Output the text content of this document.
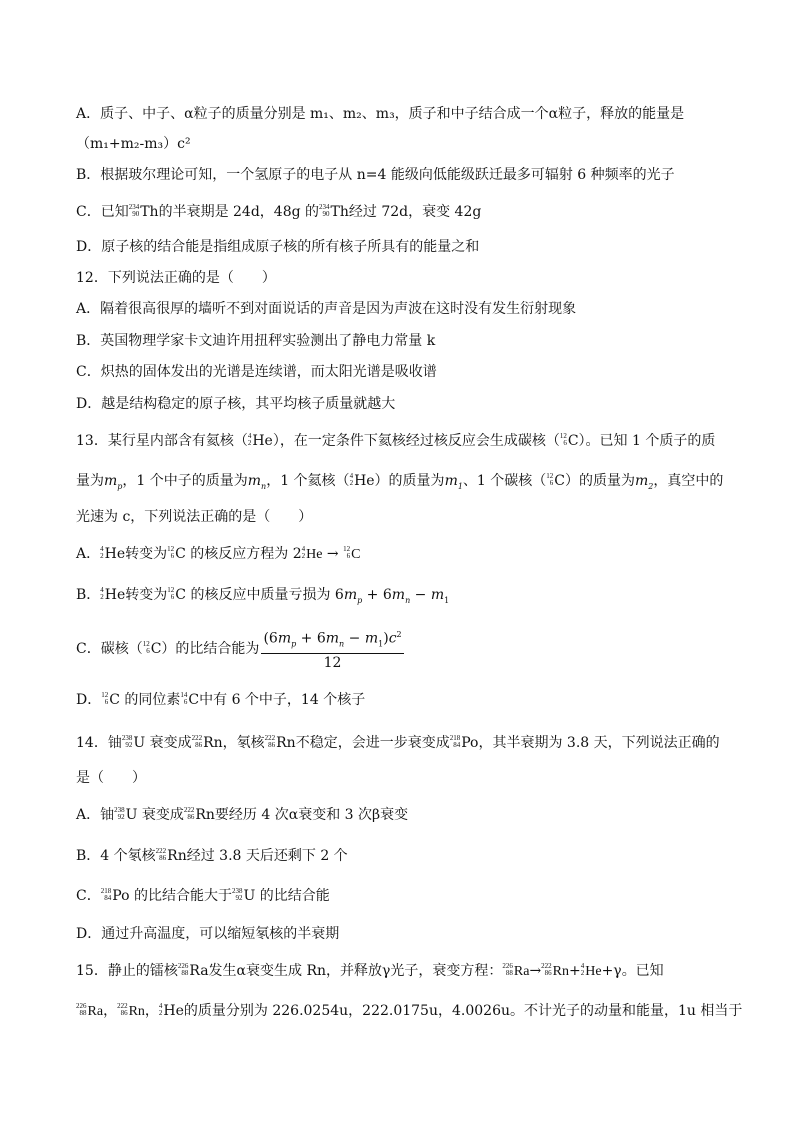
A．质子、中子、α粒子的质量分别是 m₁、m₂、m₃，质子和中子结合成一个α粒子，释放的能量是
（m₁+m₂-m₃）c²
B．根据玻尔理论可知，一个氢原子的电子从 n=4 能级向低能级跃迁最多可辐射 6 种频率的光子
C．已知 234
90 Th的半衰期是 24d，48g 的 234
90 Th经过 72d，衰变 42g
D．原子核的结合能是指组成原子核的所有核子所具有的能量之和
12．下列说法正确的是（　　）
A．隔着很高很厚的墙听不到对面说话的声音是因为声波在这时没有发生衍射现象
B．英国物理学家卡文迪许用扭秤实验测出了静电力常量 k
C．炽热的固体发出的光谱是连续谱，而太阳光谱是吸收谱
D．越是结构稳定的原子核，其平均核子质量就越大
13．某行星内部含有氦核（ 4
2 He），在一定条件下氦核经过核反应会生成碳核（ 12
6 C）。已知 1 个质子的质
量为$m_p$，1 个中子的质量为$m_n$，1 个氦核（ 4
2 He）的质量为$m_1$、1 个碳核（ 12
6 C）的质量为$m_2$，真空中的
光速为 c，下列说法正确的是（　　）
A． 4
2 He转变为 12
6 C 的核反应方程为 2 4
2 He → 12
6 C
B． 4
2 He转变为 12
6 C 的核反应中质量亏损为 $6m_p + 6m_n - m_1$
C．碳核（ 12
6 C）的比结合能为 $\frac{(6m_p + 6m_n - m_1)c^2}{12}$
D． 12
6 C 的同位素 14
6 C中有 6 个中子，14 个核子
14．铀 238
92 U 衰变成 222
86 Rn，氡核 222
86 Rn不稳定，会进一步衰变成 218
84 Po，其半衰期为 3.8 天，下列说法正确的
是（　　）
A．铀 238
92 U 衰变成 222
86 Rn要经历 4 次α衰变和 3 次β衰变
B．4 个氡核 222
86 Rn经过 3.8 天后还剩下 2 个
C． 218
84 Po 的比结合能大于 238
92 U 的比结合能
D．通过升高温度，可以缩短氡核的半衰期
15．静止的镭核 226
88 Ra发生α衰变生成 Rn，并释放γ光子，衰变方程： 226
88 Ra→ 222
86 Rn+ 4
2 He+γ。已知
226
88 Ra， 222
86 Rn， 4
2 He的质量分别为 226.0254u，222.0175u，4.0026u。不计光子的动量和能量，1u 相当于
